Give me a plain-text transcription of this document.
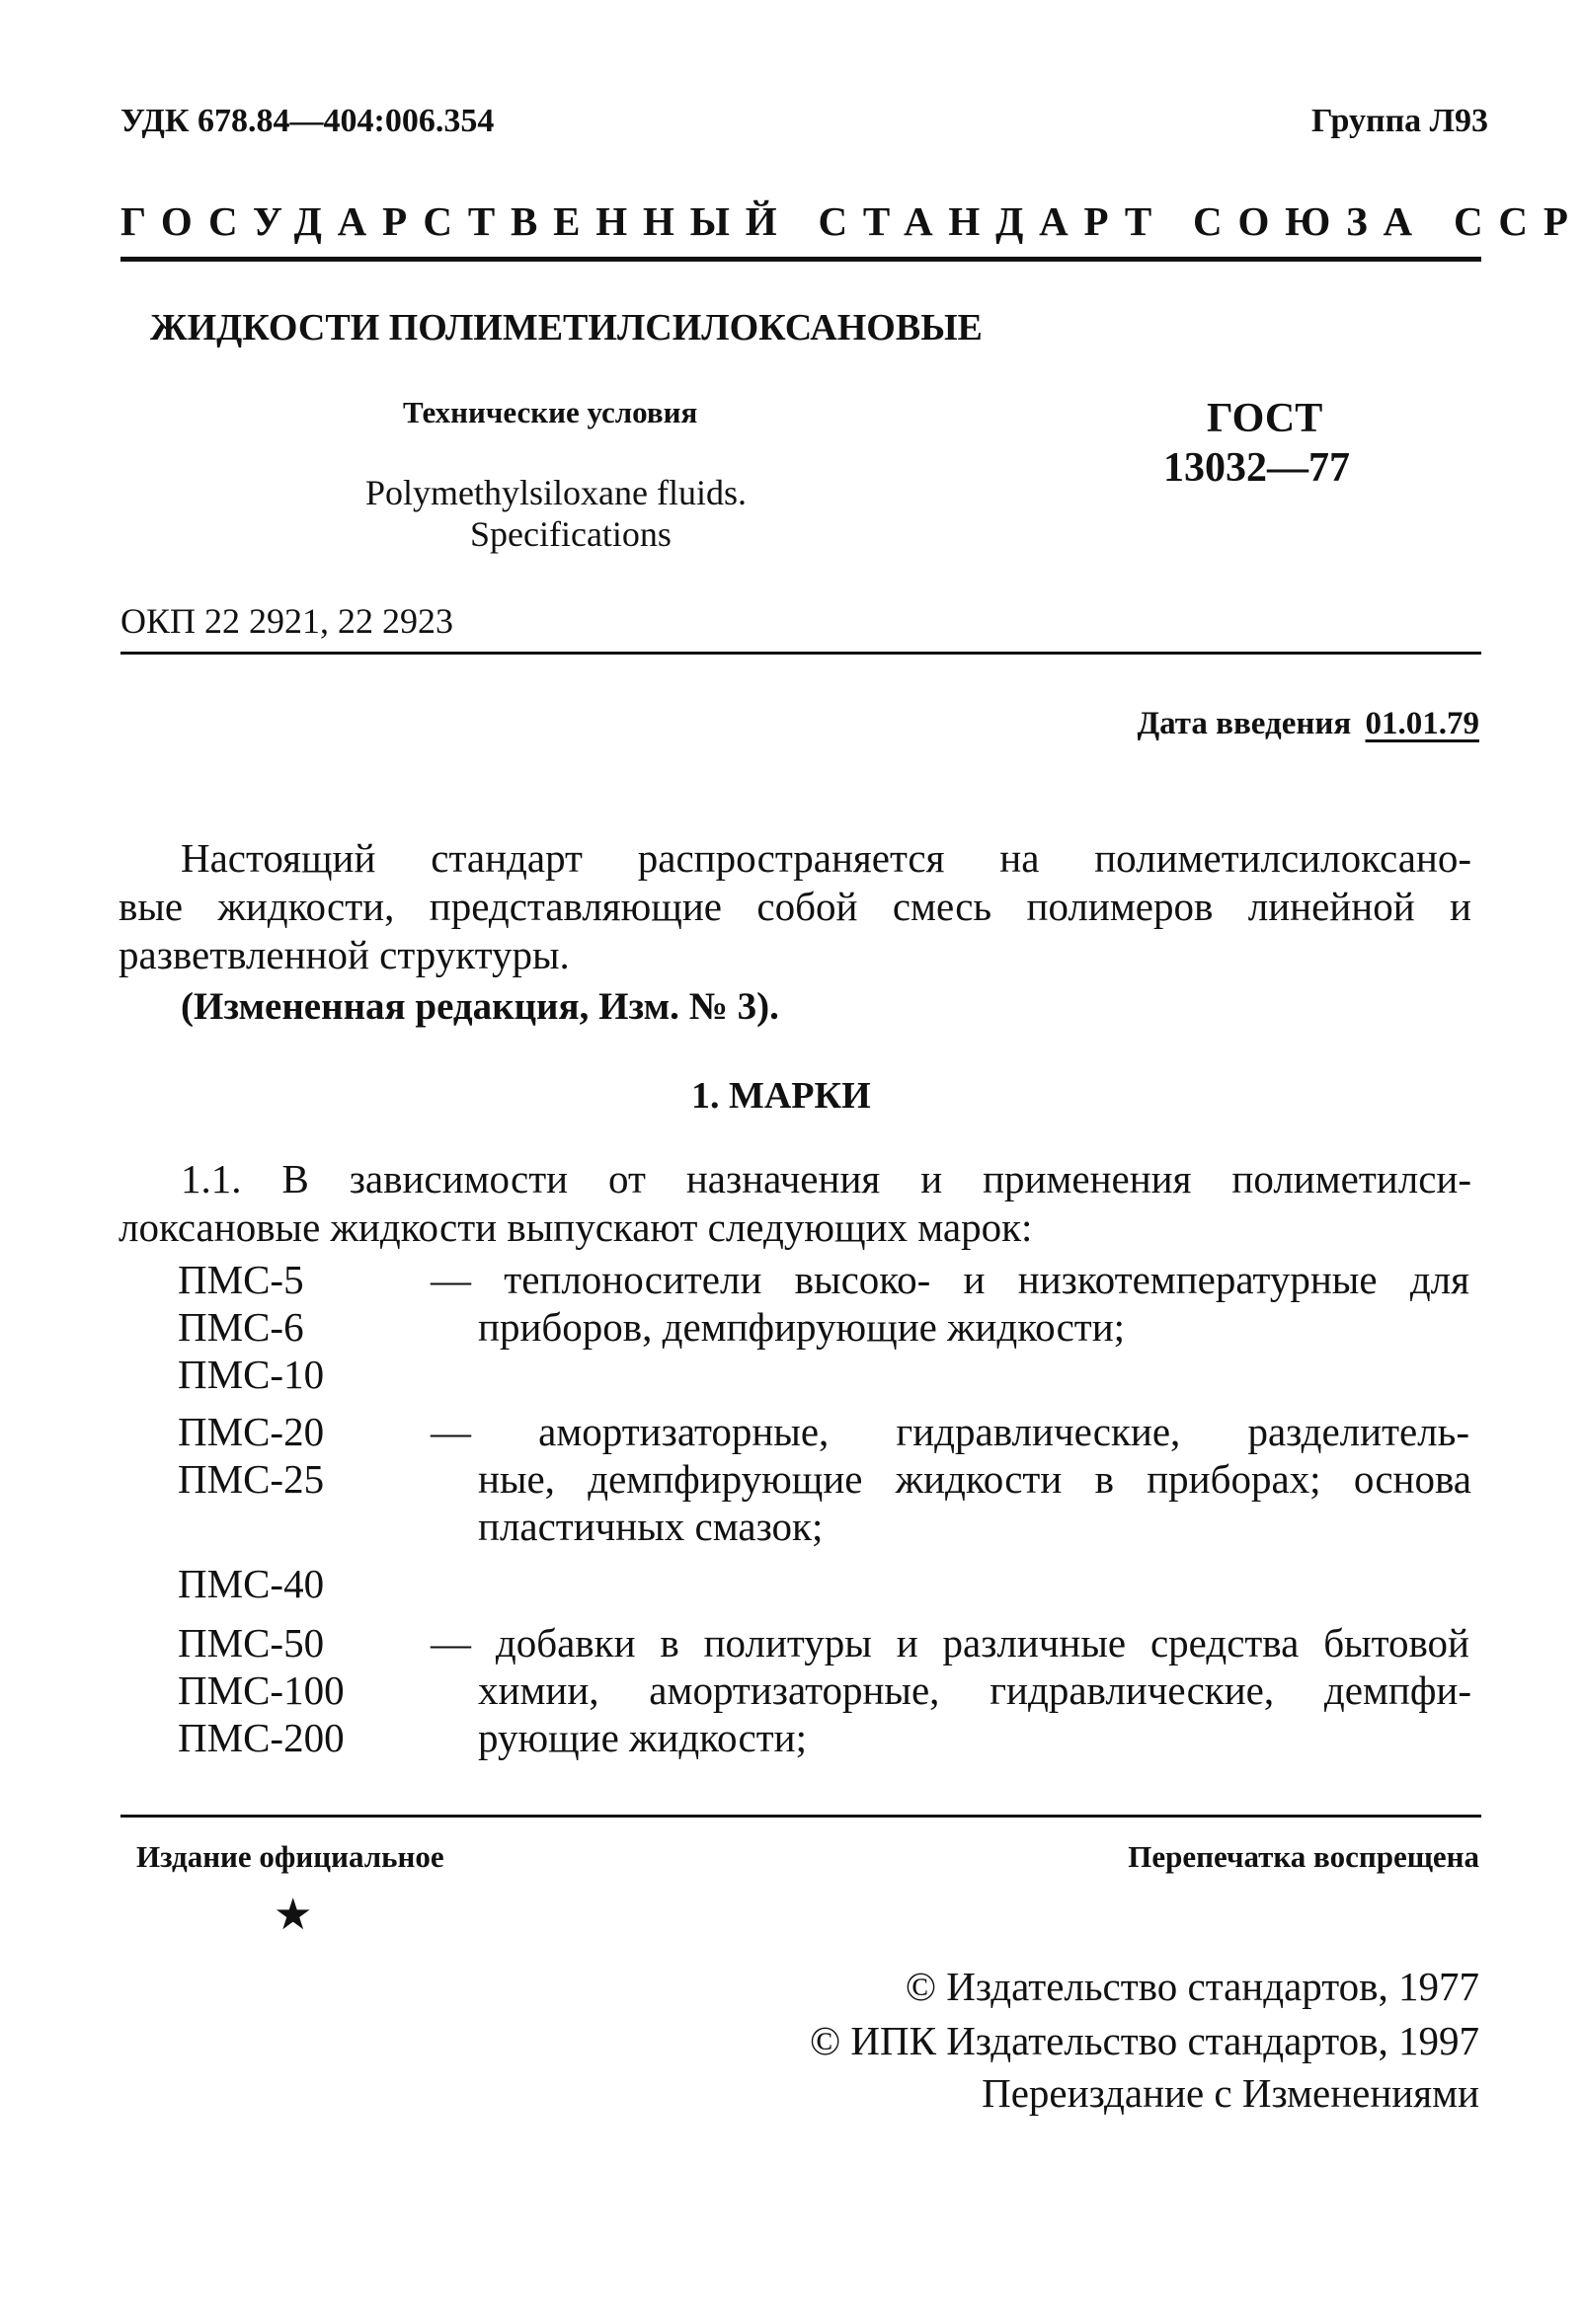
УДК 678.84—404:006.354	Группа Л93
ГОСУДАРСТВЕННЫЙ СТАНДАРТ СОЮЗА ССР
ЖИДКОСТИ ПОЛИМЕТИЛСИЛОКСАНОВЫЕ
Технические условия
Polymethylsiloxane fluids.
Specifications
ГОСТ
13032—77
ОКП 22 2921, 22 2923
Дата введения 01.01.79
Настоящий стандарт распространяется на полиметилсилоксано-
вые жидкости, представляющие собой смесь полимеров линейной и
разветвленной структуры.
(Измененная редакция, Изм. № 3).
1. МАРКИ
1.1. В зависимости от назначения и применения полиметилси-
локсановые жидкости выпускают следующих марок:
ПМС-5
ПМС-6
ПМС-10
— теплоносители высоко- и низкотемпературные для
приборов, демпфирующие жидкости;
ПМС-20
ПМС-25
— амортизаторные, гидравлические, разделитель-
ные, демпфирующие жидкости в приборах; основа
пластичных смазок;
ПМС-40
ПМС-50
ПМС-100
ПМС-200
— добавки в политуры и различные средства бытовой
химии, амортизаторные, гидравлические, демпфи-
рующие жидкости;
Издание официальное	Перепечатка воспрещена
★
© Издательство стандартов, 1977
© ИПК Издательство стандартов, 1997
Переиздание с Изменениями
